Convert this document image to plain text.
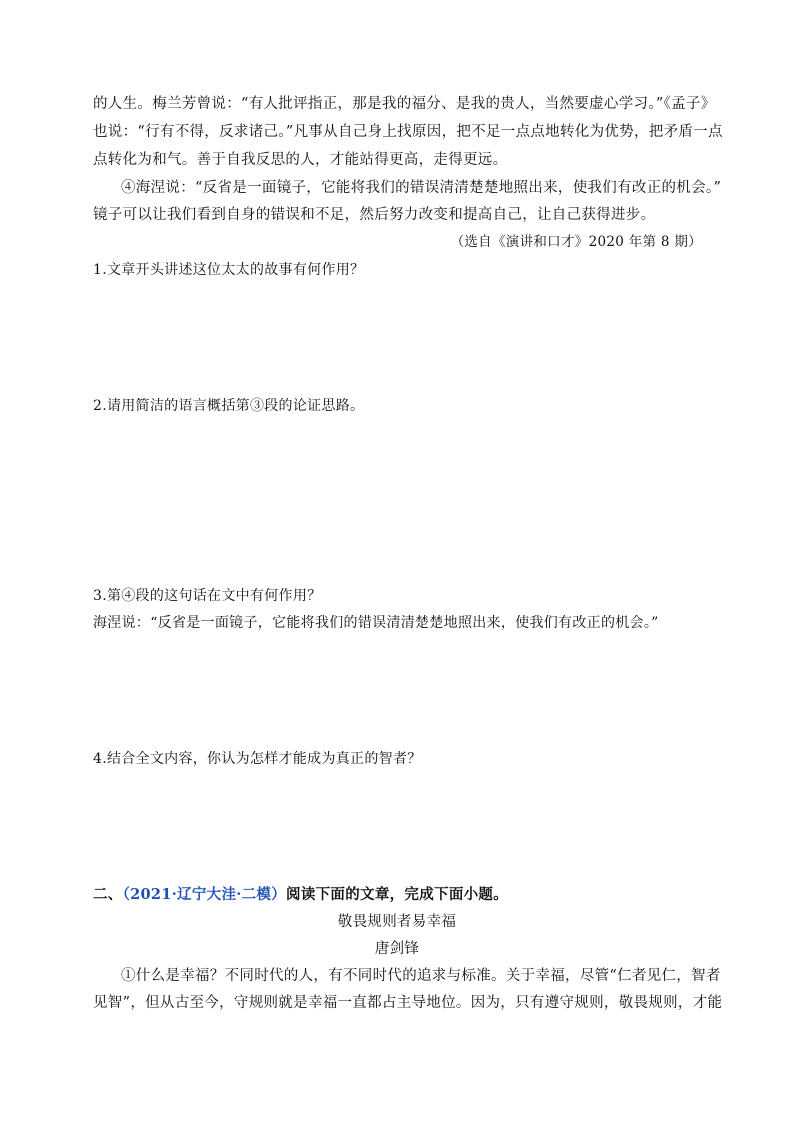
的人生。梅兰芳曾说：“有人批评指正，那是我的福分、是我的贵人，当然要虚心学习。”《孟子》
也说：“行有不得，反求诸己。”凡事从自己身上找原因，把不足一点点地转化为优势，把矛盾一点
点转化为和气。善于自我反思的人，才能站得更高，走得更远。
④海涅说：“反省是一面镜子，它能将我们的错误清清楚楚地照出来，使我们有改正的机会。”
镜子可以让我们看到自身的错误和不足，然后努力改变和提高自己，让自己获得进步。
（选自《演讲和口才》2020 年第 8 期）
1.文章开头讲述这位太太的故事有何作用？
2.请用简洁的语言概括第③段的论证思路。
3.第④段的这句话在文中有何作用？
海涅说：“反省是一面镜子，它能将我们的错误清清楚楚地照出来，使我们有改正的机会。”
4.结合全文内容，你认为怎样才能成为真正的智者？
二、（2021·辽宁大洼·二模）阅读下面的文章，完成下面小题。
敬畏规则者易幸福
唐剑锋
①什么是幸福？不同时代的人，有不同时代的追求与标准。关于幸福，尽管“仁者见仁，智者
见智”，但从古至今，守规则就是幸福一直都占主导地位。因为，只有遵守规则，敬畏规则，才能
